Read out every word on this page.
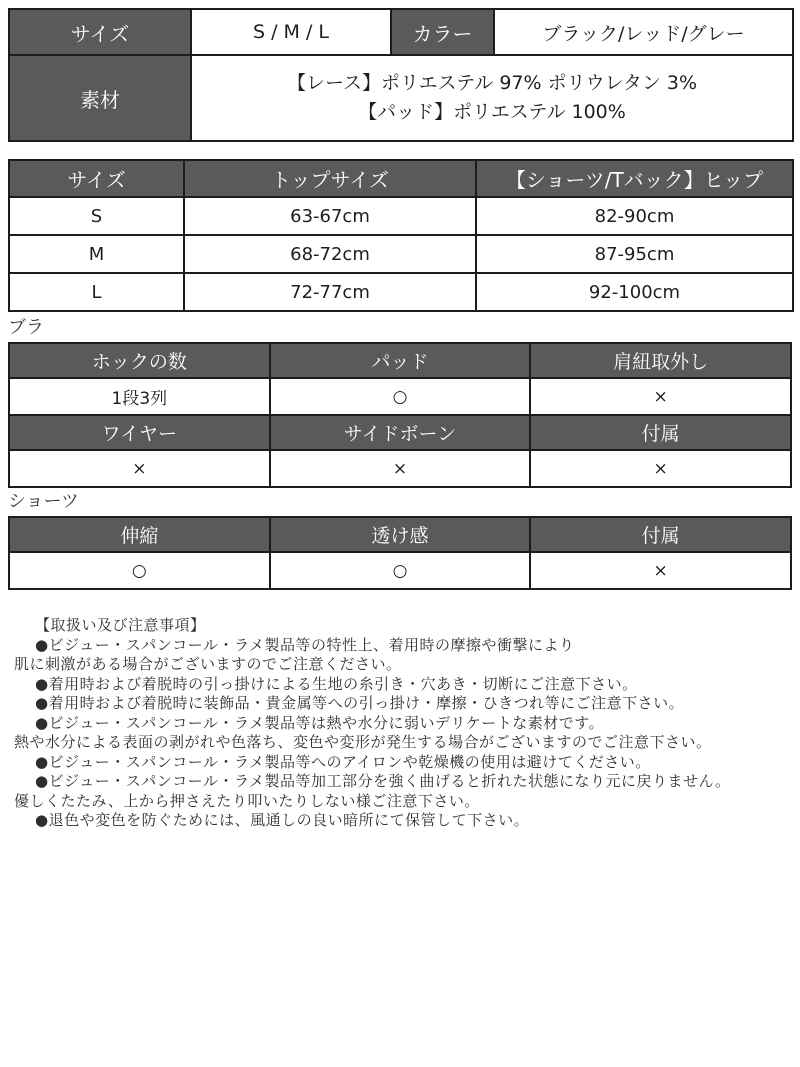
サイズ	S / M / L	カラー	ブラック/レッド/グレー
素材	【レース】ポリエステル 97% ポリウレタン 3%
【パッド】ポリエステル 100%		
サイズ	トップサイズ	【ショーツ/Tバック】ヒップ
S	63-67cm	82-90cm
M	68-72cm	87-95cm
L	72-77cm	92-100cm
ブラ
ホックの数	パッド	肩紐取外し
1段3列	○	×
ワイヤー	サイドボーン	付属
×	×	×
ショーツ
伸縮	透け感	付属
○	○	×
【取扱い及び注意事項】
●ビジュー・スパンコール・ラメ製品等の特性上、着用時の摩擦や衝撃により
肌に刺激がある場合がございますのでご注意ください。
●着用時および着脱時の引っ掛けによる生地の糸引き・穴あき・切断にご注意下さい。
●着用時および着脱時に装飾品・貴金属等への引っ掛け・摩擦・ひきつれ等にご注意下さい。
●ビジュー・スパンコール・ラメ製品等は熱や水分に弱いデリケートな素材です。
熱や水分による表面の剥がれや色落ち、変色や変形が発生する場合がございますのでご注意下さい。
●ビジュー・スパンコール・ラメ製品等へのアイロンや乾燥機の使用は避けてください。
●ビジュー・スパンコール・ラメ製品等加工部分を強く曲げると折れた状態になり元に戻りません。
優しくたたみ、上から押さえたり叩いたりしない様ご注意下さい。
●退色や変色を防ぐためには、風通しの良い暗所にて保管して下さい。
